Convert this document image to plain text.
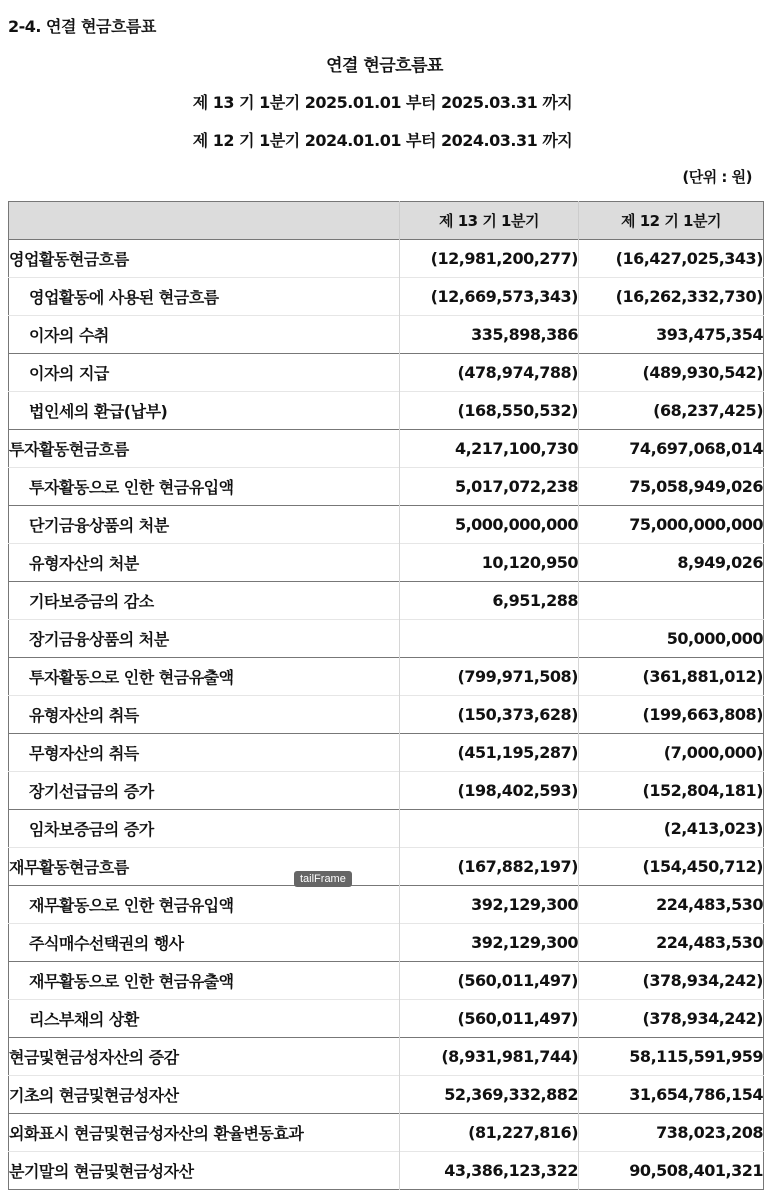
2-4. 연결 현금흐름표
연결 현금흐름표
제 13 기 1분기 2025.01.01 부터 2025.03.31 까지
제 12 기 1분기 2024.01.01 부터 2024.03.31 까지
(단위 : 원)
	제 13 기 1분기	제 12 기 1분기
영업활동현금흐름	(12,981,200,277)	(16,427,025,343)
영업활동에 사용된 현금흐름	(12,669,573,343)	(16,262,332,730)
이자의 수취	335,898,386	393,475,354
이자의 지급	(478,974,788)	(489,930,542)
법인세의 환급(납부)	(168,550,532)	(68,237,425)
투자활동현금흐름	4,217,100,730	74,697,068,014
투자활동으로 인한 현금유입액	5,017,072,238	75,058,949,026
단기금융상품의 처분	5,000,000,000	75,000,000,000
유형자산의 처분	10,120,950	8,949,026
기타보증금의 감소	6,951,288	
장기금융상품의 처분		50,000,000
투자활동으로 인한 현금유출액	(799,971,508)	(361,881,012)
유형자산의 취득	(150,373,628)	(199,663,808)
무형자산의 취득	(451,195,287)	(7,000,000)
장기선급금의 증가	(198,402,593)	(152,804,181)
임차보증금의 증가		(2,413,023)
재무활동현금흐름	(167,882,197)	(154,450,712)
재무활동으로 인한 현금유입액	392,129,300	224,483,530
주식매수선택권의 행사	392,129,300	224,483,530
재무활동으로 인한 현금유출액	(560,011,497)	(378,934,242)
리스부채의 상환	(560,011,497)	(378,934,242)
현금및현금성자산의 증감	(8,931,981,744)	58,115,591,959
기초의 현금및현금성자산	52,369,332,882	31,654,786,154
외화표시 현금및현금성자산의 환율변동효과	(81,227,816)	738,023,208
분기말의 현금및현금성자산	43,386,123,322	90,508,401,321
tailFrame
